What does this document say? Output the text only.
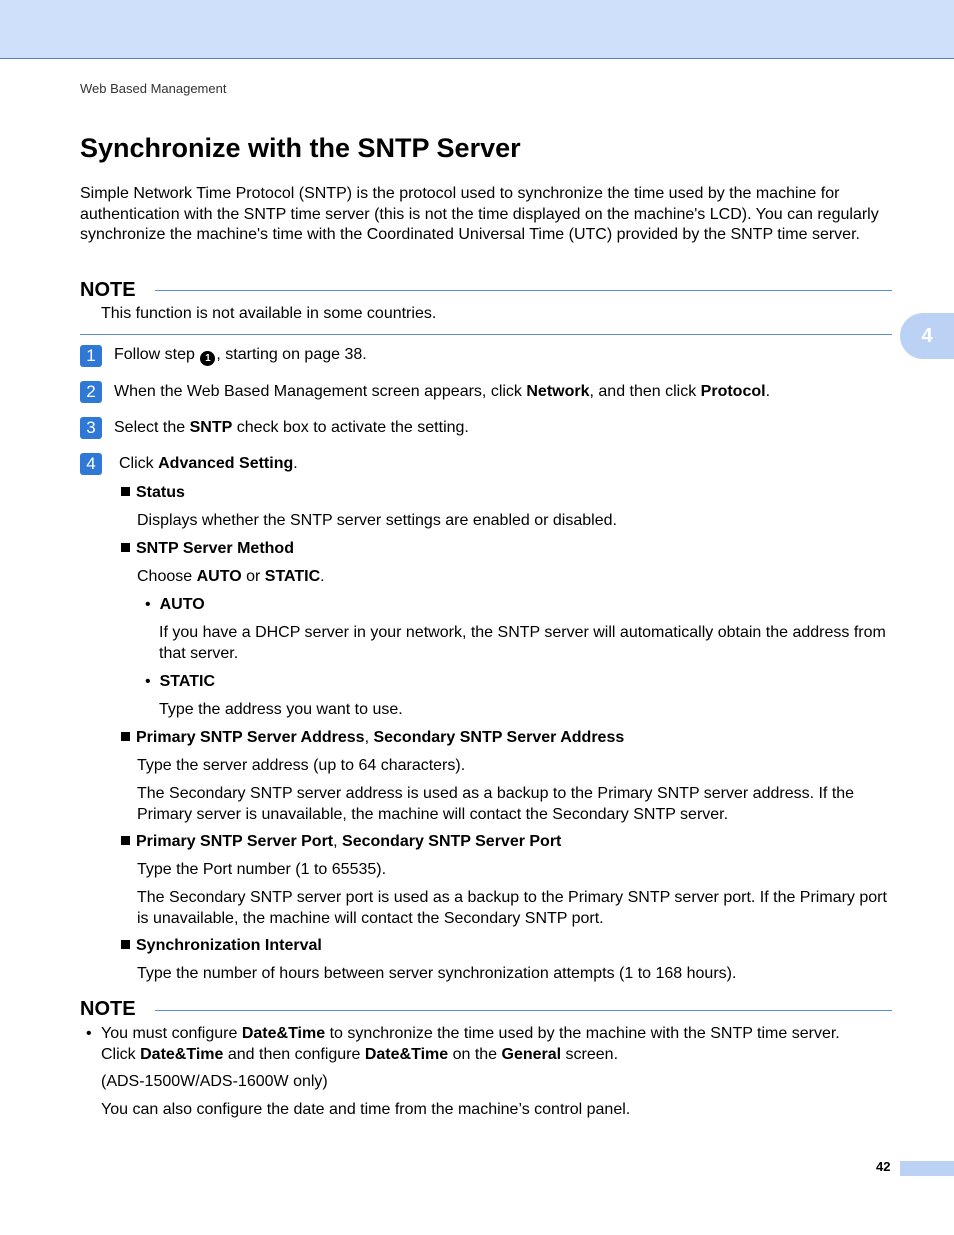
Web Based Management
Synchronize with the SNTP Server

Simple Network Time Protocol (SNTP) is the protocol used to synchronize the time used by the machine for authentication with the SNTP time server (this is not the time displayed on the machine's LCD). You can regularly synchronize the machine's time with the Coordinated Universal Time (UTC) provided by the SNTP time server.

NOTE
This function is not available in some countries.
4
1	Follow step 1 , starting on page 38.
2	When the Web Based Management screen appears, click Network, and then click Protocol.
3	Select the SNTP check box to activate the setting.
4	Click Advanced Setting.
Status
Displays whether the SNTP server settings are enabled or disabled.
SNTP Server Method
Choose AUTO or STATIC.
• AUTO
If you have a DHCP server in your network, the SNTP server will automatically obtain the address from that server.
• STATIC
Type the address you want to use.
Primary SNTP Server Address, Secondary SNTP Server Address
Type the server address (up to 64 characters).
The Secondary SNTP server address is used as a backup to the Primary SNTP server address. If the Primary server is unavailable, the machine will contact the Secondary SNTP server.
Primary SNTP Server Port, Secondary SNTP Server Port
Type the Port number (1 to 65535).
The Secondary SNTP server port is used as a backup to the Primary SNTP server port. If the Primary port is unavailable, the machine will contact the Secondary SNTP port.
Synchronization Interval
Type the number of hours between server synchronization attempts (1 to 168 hours).
NOTE
• You must configure Date&Time to synchronize the time used by the machine with the SNTP time server.
Click Date&Time and then configure Date&Time on the General screen.
(ADS-1500W/ADS-1600W only)
You can also configure the date and time from the machine’s control panel.
42
